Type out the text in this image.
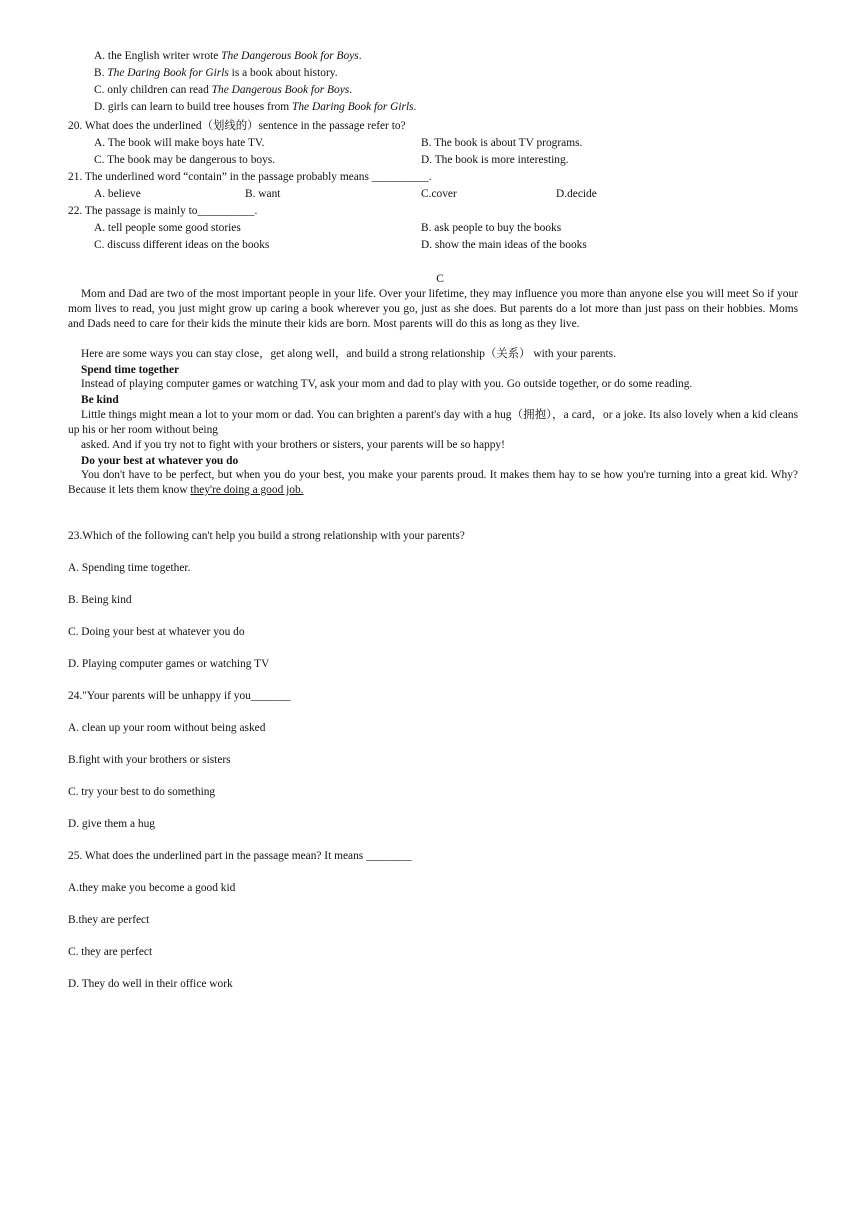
A. the English writer wrote The Dangerous Book for Boys.
B. The Daring Book for Girls is a book about history.
C. only children can read The Dangerous Book for Boys.
D. girls can learn to build tree houses from The Daring Book for Girls.
20. What does the underlined（划线的）sentence in the passage refer to?
A. The book will make boys hate TV.	B. The book is about TV programs.
C. The book may be dangerous to boys.	D. The book is more interesting.
21. The underlined word “contain” in the passage probably means __________.
A. believe	B. want	C.cover	D.decide
22. The passage is mainly to__________.
A. tell people some good stories	B. ask people to buy the books
C. discuss different ideas on the books	D. show the main ideas of the books
C
Mom and Dad are two of the most important people in your life. Over your lifetime, they may influence you more than anyone else you will meet So if your mom lives to read, you just might grow up caring a book wherever you go, just as she does. But parents do a lot more than just pass on their hobbies. Moms and Dads need to care for their kids the minute their kids are born. Most parents will do this as long as they live.
Here are some ways you can stay close，get along well，and build a strong relationship（关系） with your parents.
Spend time together
Instead of playing computer games or watching TV, ask your mom and dad to play with you. Go outside together, or do some reading.
Be kind
Little things might mean a lot to your mom or dad. You can brighten a parent's day with a hug（拥抱），a card，or a joke. Its also lovely when a kid cleans up his or her room without being
asked. And if you try not to fight with your brothers or sisters, your parents will be so happy!
Do your best at whatever you do
You don't have to be perfect, but when you do your best, you make your parents proud. It makes them hay to se how you're turning into a great kid. Why? Because it lets them know they're doing a good job.
23.Which of the following can't help you build a strong relationship with your parents?
A. Spending time together.
B. Being kind
C. Doing your best at whatever you do
D. Playing computer games or watching TV
24."Your parents will be unhappy if you_______
A. clean up your room without being asked
B.fight with your brothers or sisters
C. try your best to do something
D. give them a hug
25. What does the underlined part in the passage mean? It means ________
A.they make you become a good kid
B.they are perfect
C. they are perfect
D. They do well in their office work
